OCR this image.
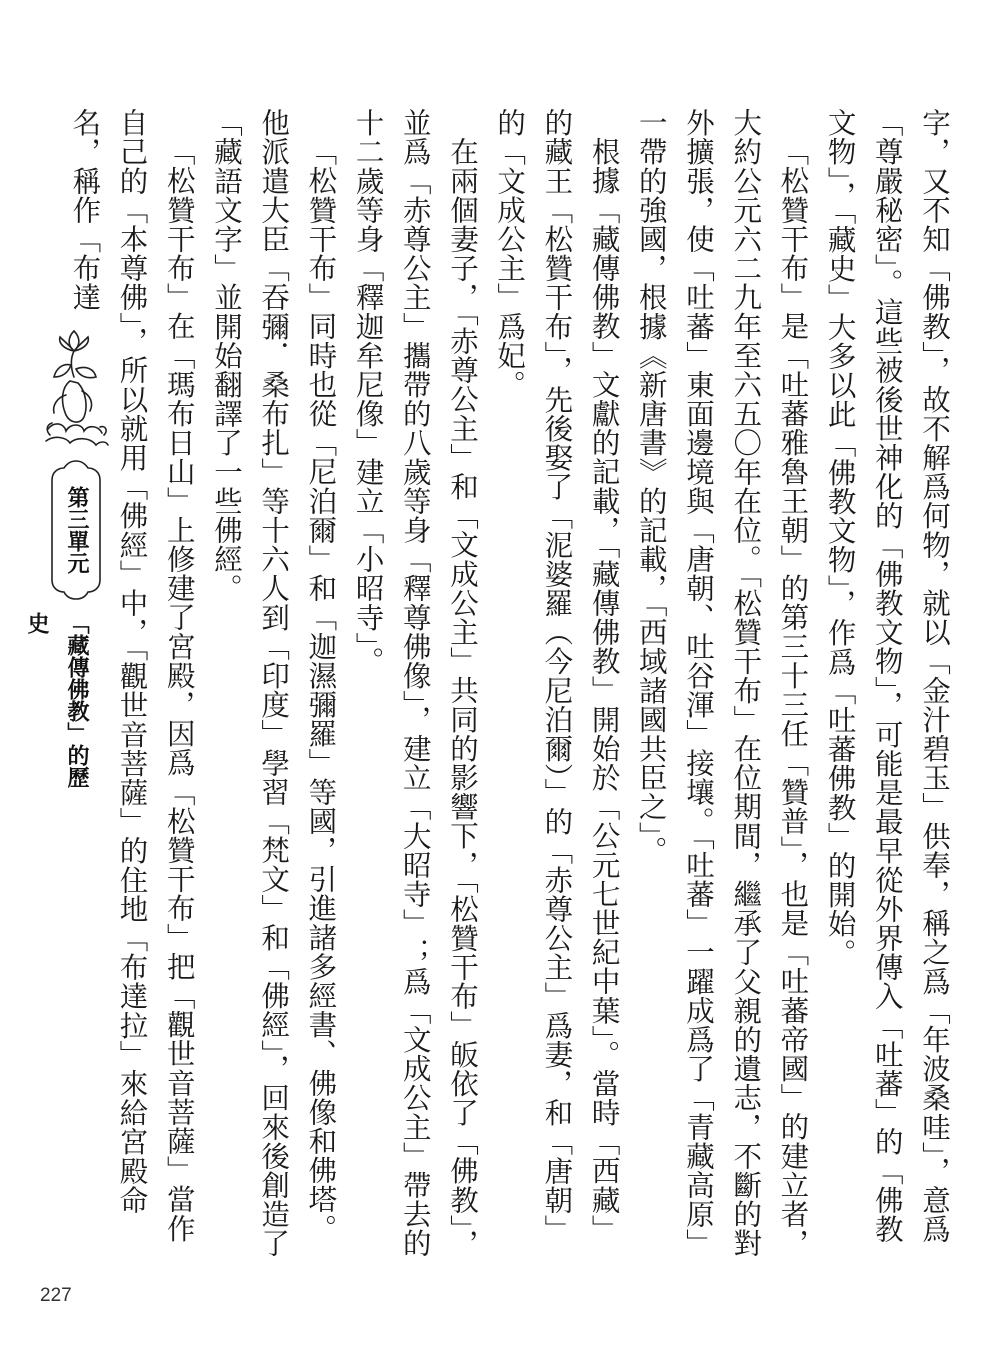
字，又不知「佛教」，故不解爲何物，就以「金汁碧玉」供奉，稱之爲「年波桑哇」，意爲「尊嚴秘密」。這些被後世神化的「佛教文物」，可能是最早從外界傳入「吐蕃」的「佛教文物」，「藏史」大多以此「佛教文物」，作爲「吐蕃佛教」的開始。

「松贊干布」是「吐蕃雅魯王朝」的第三十三任「贊普」，也是「吐蕃帝國」的建立者，大約公元六二九年至六五〇年在位。「松贊干布」在位期間，繼承了父親的遺志，不斷的對外擴張，使「吐蕃」東面邊境與「唐朝、吐谷渾」接壤。「吐蕃」一躍成爲了「青藏高原」一帶的強國，根據《新唐書》的記載，「西域諸國共臣之」。

根據「藏傳佛教」文獻的記載，「藏傳佛教」開始於「公元七世紀中葉」。當時「西藏」的藏王「松贊干布」，先後娶了「泥婆羅（今尼泊爾）」的「赤尊公主」爲妻，和「唐朝」的「文成公主」爲妃。

在兩個妻子，「赤尊公主」和「文成公主」共同的影響下，「松贊干布」皈依了「佛教」，並爲「赤尊公主」攜帶的八歲等身「釋尊佛像」，建立「大昭寺」；爲「文成公主」帶去的十二歲等身「釋迦牟尼像」建立「小昭寺」。

「松贊干布」同時也從「尼泊爾」和「迦濕彌羅」等國，引進諸多經書、佛像和佛塔。他派遣大臣「吞彌．桑布扎」等十六人到「印度」學習「梵文」和「佛經」，回來後創造了「藏語文字」並開始翻譯了一些佛經。

「松贊干布」在「瑪布日山」上修建了宮殿，因爲「松贊干布」把「觀世音菩薩」當作自己的「本尊佛」，所以就用「佛經」中，「觀世音菩薩」的住地「布達拉」來給宮殿命名，稱作「布達

第三單元
「藏傳佛教」的歷史
227
